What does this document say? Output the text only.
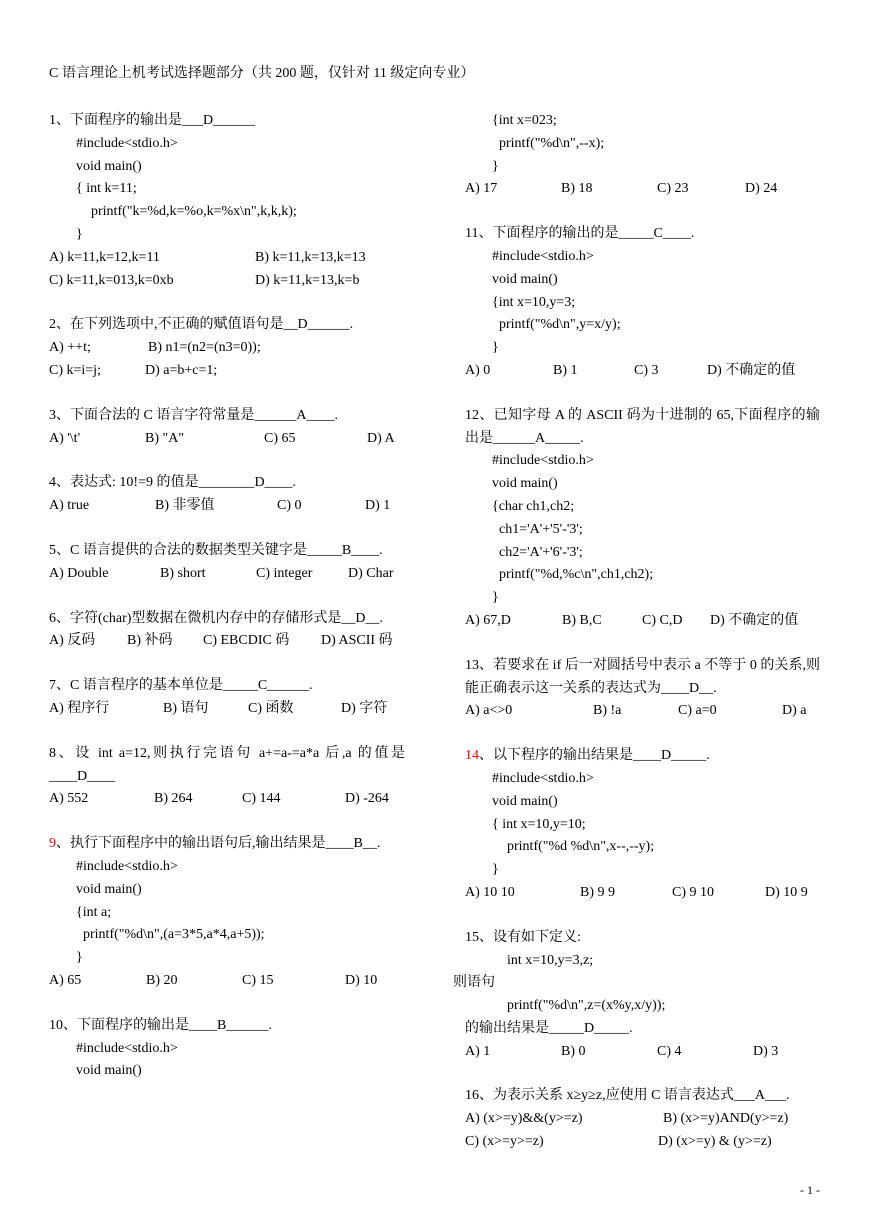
C 语言理论上机考试选择题部分（共 200 题，仅针对 11 级定向专业）
1、下面程序的输出是___D______
#include<stdio.h>
void main()
{ int k=11;
printf("k=%d,k=%o,k=%x\n",k,k,k);
}
A) k=11,k=12,k=11	B) k=11,k=13,k=13
C) k=11,k=013,k=0xb	D) k=11,k=13,k=b
2、在下列选项中,不正确的赋值语句是__D______.
A) ++t;	B) n1=(n2=(n3=0));
C) k=i=j;	D) a=b+c=1;
3、下面合法的 C 语言字符常量是______A____.
A) '\t'	B) "A"	C) 65	D) A
4、表达式: 10!=9 的值是________D____.
A) true	B) 非零值	C) 0	D) 1
5、C 语言提供的合法的数据类型关键字是_____B____.
A) Double	B) short	C) integer	D) Char
6、字符(char)型数据在微机内存中的存储形式是__D__.
A) 反码 B) 补码 C) EBCDIC 码 D) ASCII 码
7、C 语言程序的基本单位是_____C______.
A) 程序行	B) 语句	C) 函数	D) 字符
8、设 int a=12,则执行完语句 a+=a-=a*a 后,a 的值是____D____
A) 552	B) 264	C) 144	D) -264
9、执行下面程序中的输出语句后,输出结果是____B__.
#include<stdio.h>
void main()
{int a;
printf("%d\n",(a=3*5,a*4,a+5));
}
A) 65	B) 20	C) 15	D) 10
10、下面程序的输出是____B______.
#include<stdio.h>
void main()
{int x=023;
printf("%d\n",--x);
}
A) 17	B) 18	C) 23	D) 24
11、下面程序的输出的是_____C____.
#include<stdio.h>
void main()
{int x=10,y=3;
printf("%d\n",y=x/y);
}
A) 0	B) 1	C) 3	D) 不确定的值
12、已知字母 A 的 ASCII 码为十进制的 65,下面程序的输出是______A_____.
#include<stdio.h>
void main()
{char ch1,ch2;
ch1='A'+'5'-'3';
ch2='A'+'6'-'3';
printf("%d,%c\n",ch1,ch2);
}
A) 67,D	B) B,C	C) C,D D) 不确定的值
13、若要求在 if 后一对圆括号中表示 a 不等于 0 的关系,则能正确表示这一关系的表达式为____D__.
A) a<>0	B) !a	C) a=0	D) a
14、以下程序的输出结果是____D_____.
#include<stdio.h>
void main()
{ int x=10,y=10;
printf("%d %d\n",x--,--y);
}
A) 10 10	B) 9 9	C) 9 10	D) 10 9
15、设有如下定义:
int x=10,y=3,z;
则语句
printf("%d\n",z=(x%y,x/y));
的输出结果是_____D_____.
A) 1	B) 0	C) 4	D) 3
16、为表示关系 x≥y≥z,应使用 C 语言表达式___A___.
A) (x>=y)&&(y>=z)	B) (x>=y)AND(y>=z)
C) (x>=y>=z)	D) (x>=y) & (y>=z)
- 1 -
